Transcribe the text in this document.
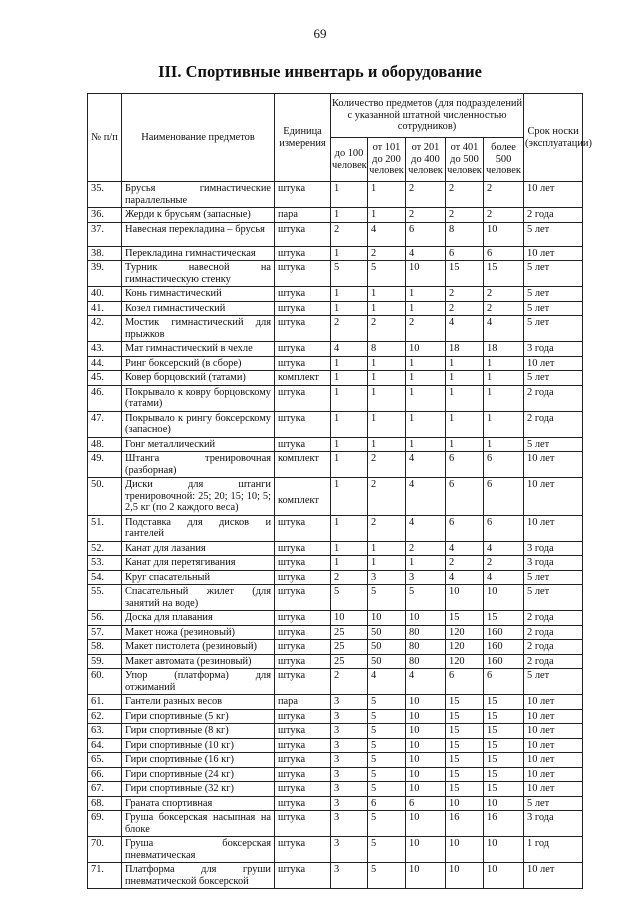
69
III. Спортивные инвентарь и оборудование
№ п/п	Наименование предметов	Единица измерения	Количество предметов (для подразделений с указанной штатной численностью сотрудников)					Срок носки (эксплуатации)
			до 100 человек	от 101 до 200 человек	от 201 до 400 человек	от 401 до 500 человек	более 500 человек	
35.	Брусья гимнастические параллельные	штука	1	1	2	2	2	10 лет
36.	Жерди к брусьям (запасные)	пара	1	1	2	2	2	2 года
37.	Навесная перекладина – брусья	штука	2	4	6	8	10	5 лет
38.	Перекладина гимнастическая	штука	1	2	4	6	6	10 лет
39.	Турник навесной на гимнастическую стенку	штука	5	5	10	15	15	5 лет
40.	Конь гимнастический	штука	1	1	1	2	2	5 лет
41.	Козел гимнастический	штука	1	1	1	2	2	5 лет
42.	Мостик гимнастический для прыжков	штука	2	2	2	4	4	5 лет
43.	Мат гимнастический в чехле	штука	4	8	10	18	18	3 года
44.	Ринг боксерский (в сборе)	штука	1	1	1	1	1	10 лет
45.	Ковер борцовский (татами)	комплект	1	1	1	1	1	5 лет
46.	Покрывало к ковру борцовскому (татами)	штука	1	1	1	1	1	2 года
47.	Покрывало к рингу боксерскому (запасное)	штука	1	1	1	1	1	2 года
48.	Гонг металлический	штука	1	1	1	1	1	5 лет
49.	Штанга тренировочная (разборная)	комплект	1	2	4	6	6	10 лет
50.	Диски для штанги тренировочной: 25; 20; 15; 10; 5; 2,5 кг (по 2 каждого веса)	комплект	1	2	4	6	6	10 лет
51.	Подставка для дисков и гантелей	штука	1	2	4	6	6	10 лет
52.	Канат для лазания	штука	1	1	2	4	4	3 года
53.	Канат для перетягивания	штука	1	1	1	2	2	3 года
54.	Круг спасательный	штука	2	3	3	4	4	5 лет
55.	Спасательный жилет (для занятий на воде)	штука	5	5	5	10	10	5 лет
56.	Доска для плавания	штука	10	10	10	15	15	2 года
57.	Макет ножа (резиновый)	штука	25	50	80	120	160	2 года
58.	Макет пистолета (резиновый)	штука	25	50	80	120	160	2 года
59.	Макет автомата (резиновый)	штука	25	50	80	120	160	2 года
60.	Упор (платформа) для отжиманий	штука	2	4	4	6	6	5 лет
61.	Гантели разных весов	пара	3	5	10	15	15	10 лет
62.	Гири спортивные (5 кг)	штука	3	5	10	15	15	10 лет
63.	Гири спортивные (8 кг)	штука	3	5	10	15	15	10 лет
64.	Гири спортивные (10 кг)	штука	3	5	10	15	15	10 лет
65.	Гири спортивные (16 кг)	штука	3	5	10	15	15	10 лет
66.	Гири спортивные (24 кг)	штука	3	5	10	15	15	10 лет
67.	Гири спортивные (32 кг)	штука	3	5	10	15	15	10 лет
68.	Граната спортивная	штука	3	6	6	10	10	5 лет
69.	Груша боксерская насыпная на блоке	штука	3	5	10	16	16	3 года
70.	Груша боксерская пневматическая	штука	3	5	10	10	10	1 год
71.	Платформа для груши пневматической боксерской	штука	3	5	10	10	10	10 лет
